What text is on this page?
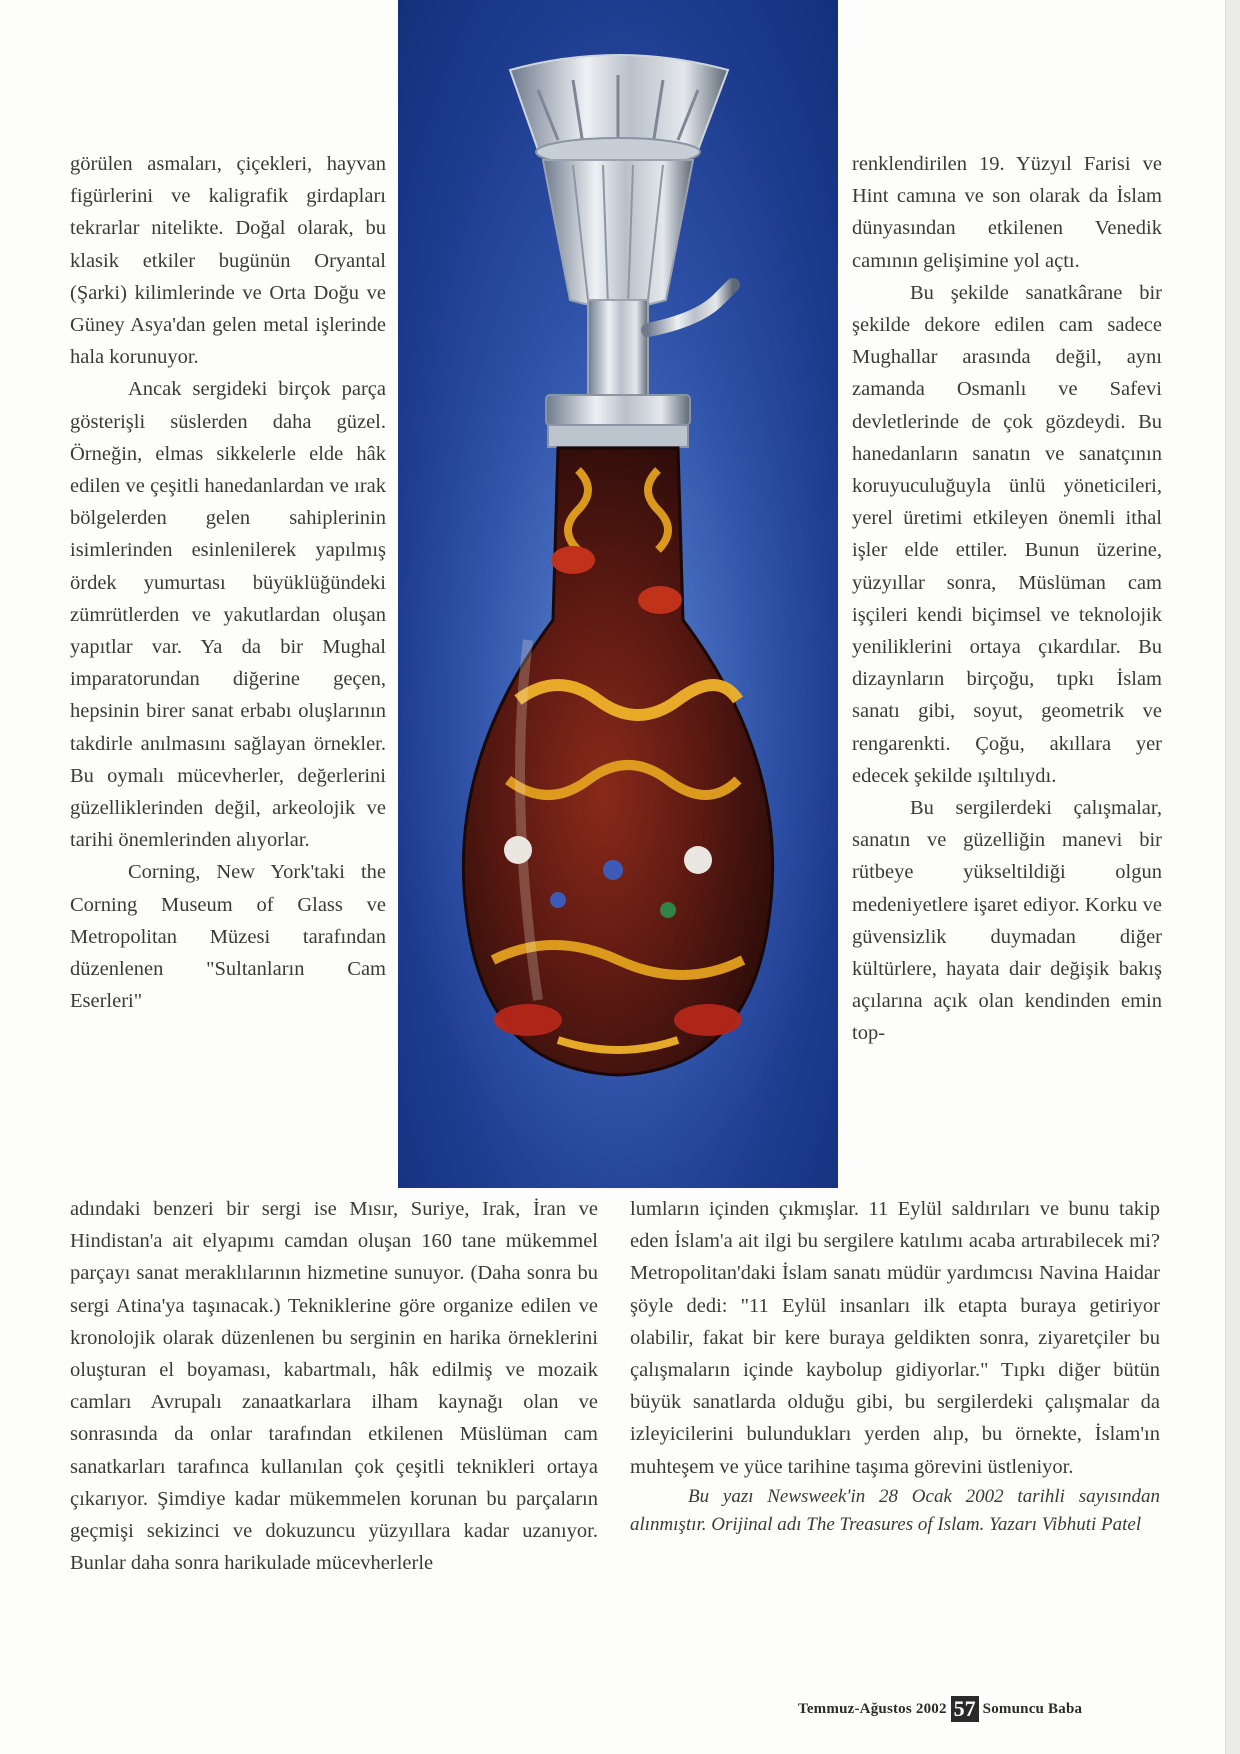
görülen asmaları, çiçekleri, hayvan figürlerini ve kaligrafik girdapları tekrarlar nitelikte. Doğal olarak, bu klasik etkiler bugünün Oryantal (Şarki) kilimlerinde ve Orta Doğu ve Güney Asya'dan gelen metal işlerinde hala korunuyor.

Ancak sergideki birçok parça gösterişli süslerden daha güzel. Örneğin, elmas sikkelerle elde hâk edilen ve çeşitli hanedanlardan ve ırak bölgelerden gelen sahiplerinin isimlerinden esinlenilerek yapılmış ördek yumurtası büyüklüğündeki zümrütlerden ve yakutlardan oluşan yapıtlar var. Ya da bir Mughal imparatorundan diğerine geçen, hepsinin birer sanat erbabı oluşlarının takdirle anılmasını sağlayan örnekler. Bu oymalı mücevherler, değerlerini güzelliklerinden değil, arkeolojik ve tarihi önemlerinden alıyorlar.

Corning, New York'taki the Corning Museum of Glass ve Metropolitan Müzesi tarafından düzenlenen "Sultanların Cam Eserleri"

renklendirilen 19. Yüzyıl Farisi ve Hint camına ve son olarak da İslam dünyasından etkilenen Venedik camının gelişimine yol açtı.

Bu şekilde sanatkârane bir şekilde dekore edilen cam sadece Mughallar arasında değil, aynı zamanda Osmanlı ve Safevi devletlerinde de çok gözdeydi. Bu hanedanların sanatın ve sanatçının koruyuculuğuyla ünlü yöneticileri, yerel üretimi etkileyen önemli ithal işler elde ettiler. Bunun üzerine, yüzyıllar sonra, Müslüman cam işçileri kendi biçimsel ve teknolojik yeniliklerini ortaya çıkardılar. Bu dizaynların birçoğu, tıpkı İslam sanatı gibi, soyut, geometrik ve rengarenkti. Çoğu, akıllara yer edecek şekilde ışıltılıydı.

Bu sergilerdeki çalışmalar, sanatın ve güzelliğin manevi bir rütbeye yükseltildiği olgun medeniyetlere işaret ediyor. Korku ve güvensizlik duymadan diğer kültürlere, hayata dair değişik bakış açılarına açık olan kendinden emin top-

adındaki benzeri bir sergi ise Mısır, Suriye, Irak, İran ve Hindistan'a ait elyapımı camdan oluşan 160 tane mükemmel parçayı sanat meraklılarının hizmetine sunuyor. (Daha sonra bu sergi Atina'ya taşınacak.) Tekniklerine göre organize edilen ve kronolojik olarak düzenlenen bu serginin en harika örneklerini oluşturan el boyaması, kabartmalı, hâk edilmiş ve mozaik camları Avrupalı zanaatkarlara ilham kaynağı olan ve sonrasında da onlar tarafından etkilenen Müslüman cam sanatkarları tarafınca kullanılan çok çeşitli teknikleri ortaya çıkarıyor. Şimdiye kadar mükemmelen korunan bu parçaların geçmişi sekizinci ve dokuzuncu yüzyıllara kadar uzanıyor. Bunlar daha sonra harikulade mücevherlerle

lumların içinden çıkmışlar. 11 Eylül saldırıları ve bunu takip eden İslam'a ait ilgi bu sergilere katılımı acaba artırabilecek mi? Metropolitan'daki İslam sanatı müdür yardımcısı Navina Haidar şöyle dedi: "11 Eylül insanları ilk etapta buraya getiriyor olabilir, fakat bir kere buraya geldikten sonra, ziyaretçiler bu çalışmaların içinde kaybolup gidiyorlar." Tıpkı diğer bütün büyük sanatlarda olduğu gibi, bu sergilerdeki çalışmalar da izleyicilerini bulundukları yerden alıp, bu örnekte, İslam'ın muhteşem ve yüce tarihine taşıma görevini üstleniyor.

Bu yazı Newsweek'in 28 Ocak 2002 tarihli sayısından alınmıştır. Orijinal adı The Treasures of Islam. Yazarı Vibhuti Patel

Temmuz-Ağustos 2002 57 Somuncu Baba
